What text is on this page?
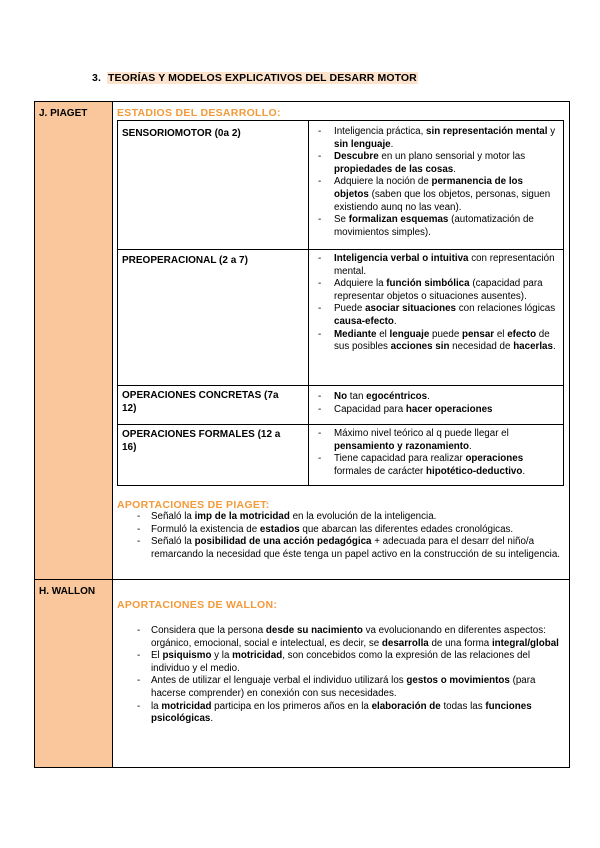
3. TEORÍAS Y MODELOS EXPLICATIVOS DEL DESARR MOTOR
J. PIAGET
H. WALLON
ESTADIOS DEL DESARROLLO:
SENSORIOMOTOR (0a 2)	- Inteligencia práctica, sin representación mental y sin lenguaje.
- Descubre en un plano sensorial y motor las propiedades de las cosas.
- Adquiere la noción de permanencia de los objetos (saben que los objetos, personas, siguen existiendo aunq no las vean).
- Se formalizan esquemas (automatización de movimientos simples).
PREOPERACIONAL (2 a 7)	- Inteligencia verbal o intuitiva con representación mental.
- Adquiere la función simbólica (capacidad para representar objetos o situaciones ausentes).
- Puede asociar situaciones con relaciones lógicas causa-efecto.
- Mediante el lenguaje puede pensar el efecto de sus posibles acciones sin necesidad de hacerlas.
OPERACIONES CONCRETAS (7a 12)
- No tan egocéntricos.
- Capacidad para hacer operaciones
OPERACIONES FORMALES (12 a 16)
- Máximo nivel teórico al q puede llegar el pensamiento y razonamiento.
- Tiene capacidad para realizar operaciones formales de carácter hipotético-deductivo.
APORTACIONES DE PIAGET:
- Señaló la imp de la motricidad en la evolución de la inteligencia.
- Formuló la existencia de estadios que abarcan las diferentes edades cronológicas.
- Señaló la posibilidad de una acción pedagógica + adecuada para el desarr del niño/a remarcando la necesidad que éste tenga un papel activo en la construcción de su inteligencia.
APORTACIONES DE WALLON:
- Considera que la persona desde su nacimiento va evolucionando en diferentes aspectos: orgánico, emocional, social e intelectual, es decir, se desarrolla de una forma integral/global
- El psiquismo y la motricidad, son concebidos como la expresión de las relaciones del individuo y el medio.
- Antes de utilizar el lenguaje verbal el individuo utilizará los gestos o movimientos (para hacerse comprender) en conexión con sus necesidades.
- la motricidad participa en los primeros años en la elaboración de todas las funciones psicológicas.
